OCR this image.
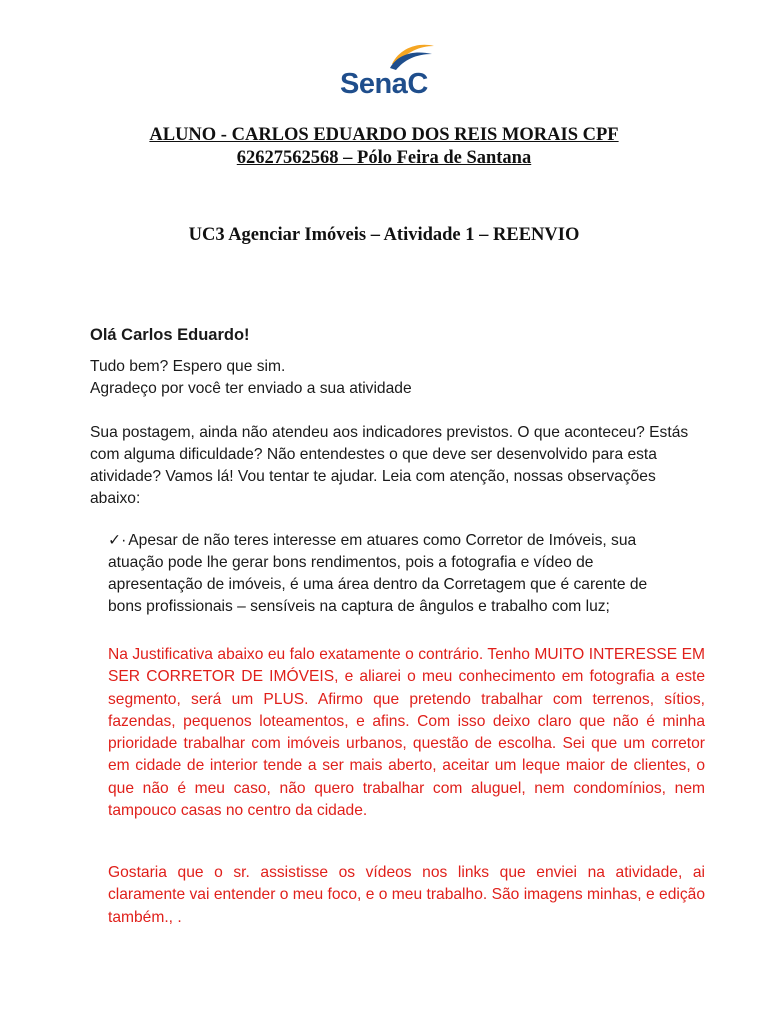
SenaC
ALUNO - CARLOS EDUARDO DOS REIS MORAIS CPF
62627562568 – Pólo Feira de Santana
UC3 Agenciar Imóveis – Atividade 1 – REENVIO
Olá Carlos Eduardo!
Tudo bem? Espero que sim.
Agradeço por você ter enviado a sua atividade
Sua postagem, ainda não atendeu aos indicadores previstos. O que aconteceu? Estás com alguma dificuldade? Não entendestes o que deve ser desenvolvido para esta atividade? Vamos lá! Vou tentar te ajudar. Leia com atenção, nossas observações abaixo:
✓· Apesar de não teres interesse em atuares como Corretor de Imóveis, sua atuação pode lhe gerar bons rendimentos, pois a fotografia e vídeo de apresentação de imóveis, é uma área dentro da Corretagem que é carente de bons profissionais – sensíveis na captura de ângulos e trabalho com luz;
Na Justificativa abaixo eu falo exatamente o contrário. Tenho MUITO INTERESSE EM SER CORRETOR DE IMÓVEIS, e aliarei o meu conhecimento em fotografia a este segmento, será um PLUS. Afirmo que pretendo trabalhar com terrenos, sítios, fazendas, pequenos loteamentos, e afins. Com isso deixo claro que não é minha prioridade trabalhar com imóveis urbanos, questão de escolha. Sei que um corretor em cidade de interior tende a ser mais aberto, aceitar um leque maior de clientes, o que não é meu caso, não quero trabalhar com aluguel, nem condomínios, nem tampouco casas no centro da cidade.
Gostaria que o sr. assistisse os vídeos nos links que enviei na atividade, ai claramente vai entender o meu foco, e o meu trabalho. São imagens minhas, e edição também., .
